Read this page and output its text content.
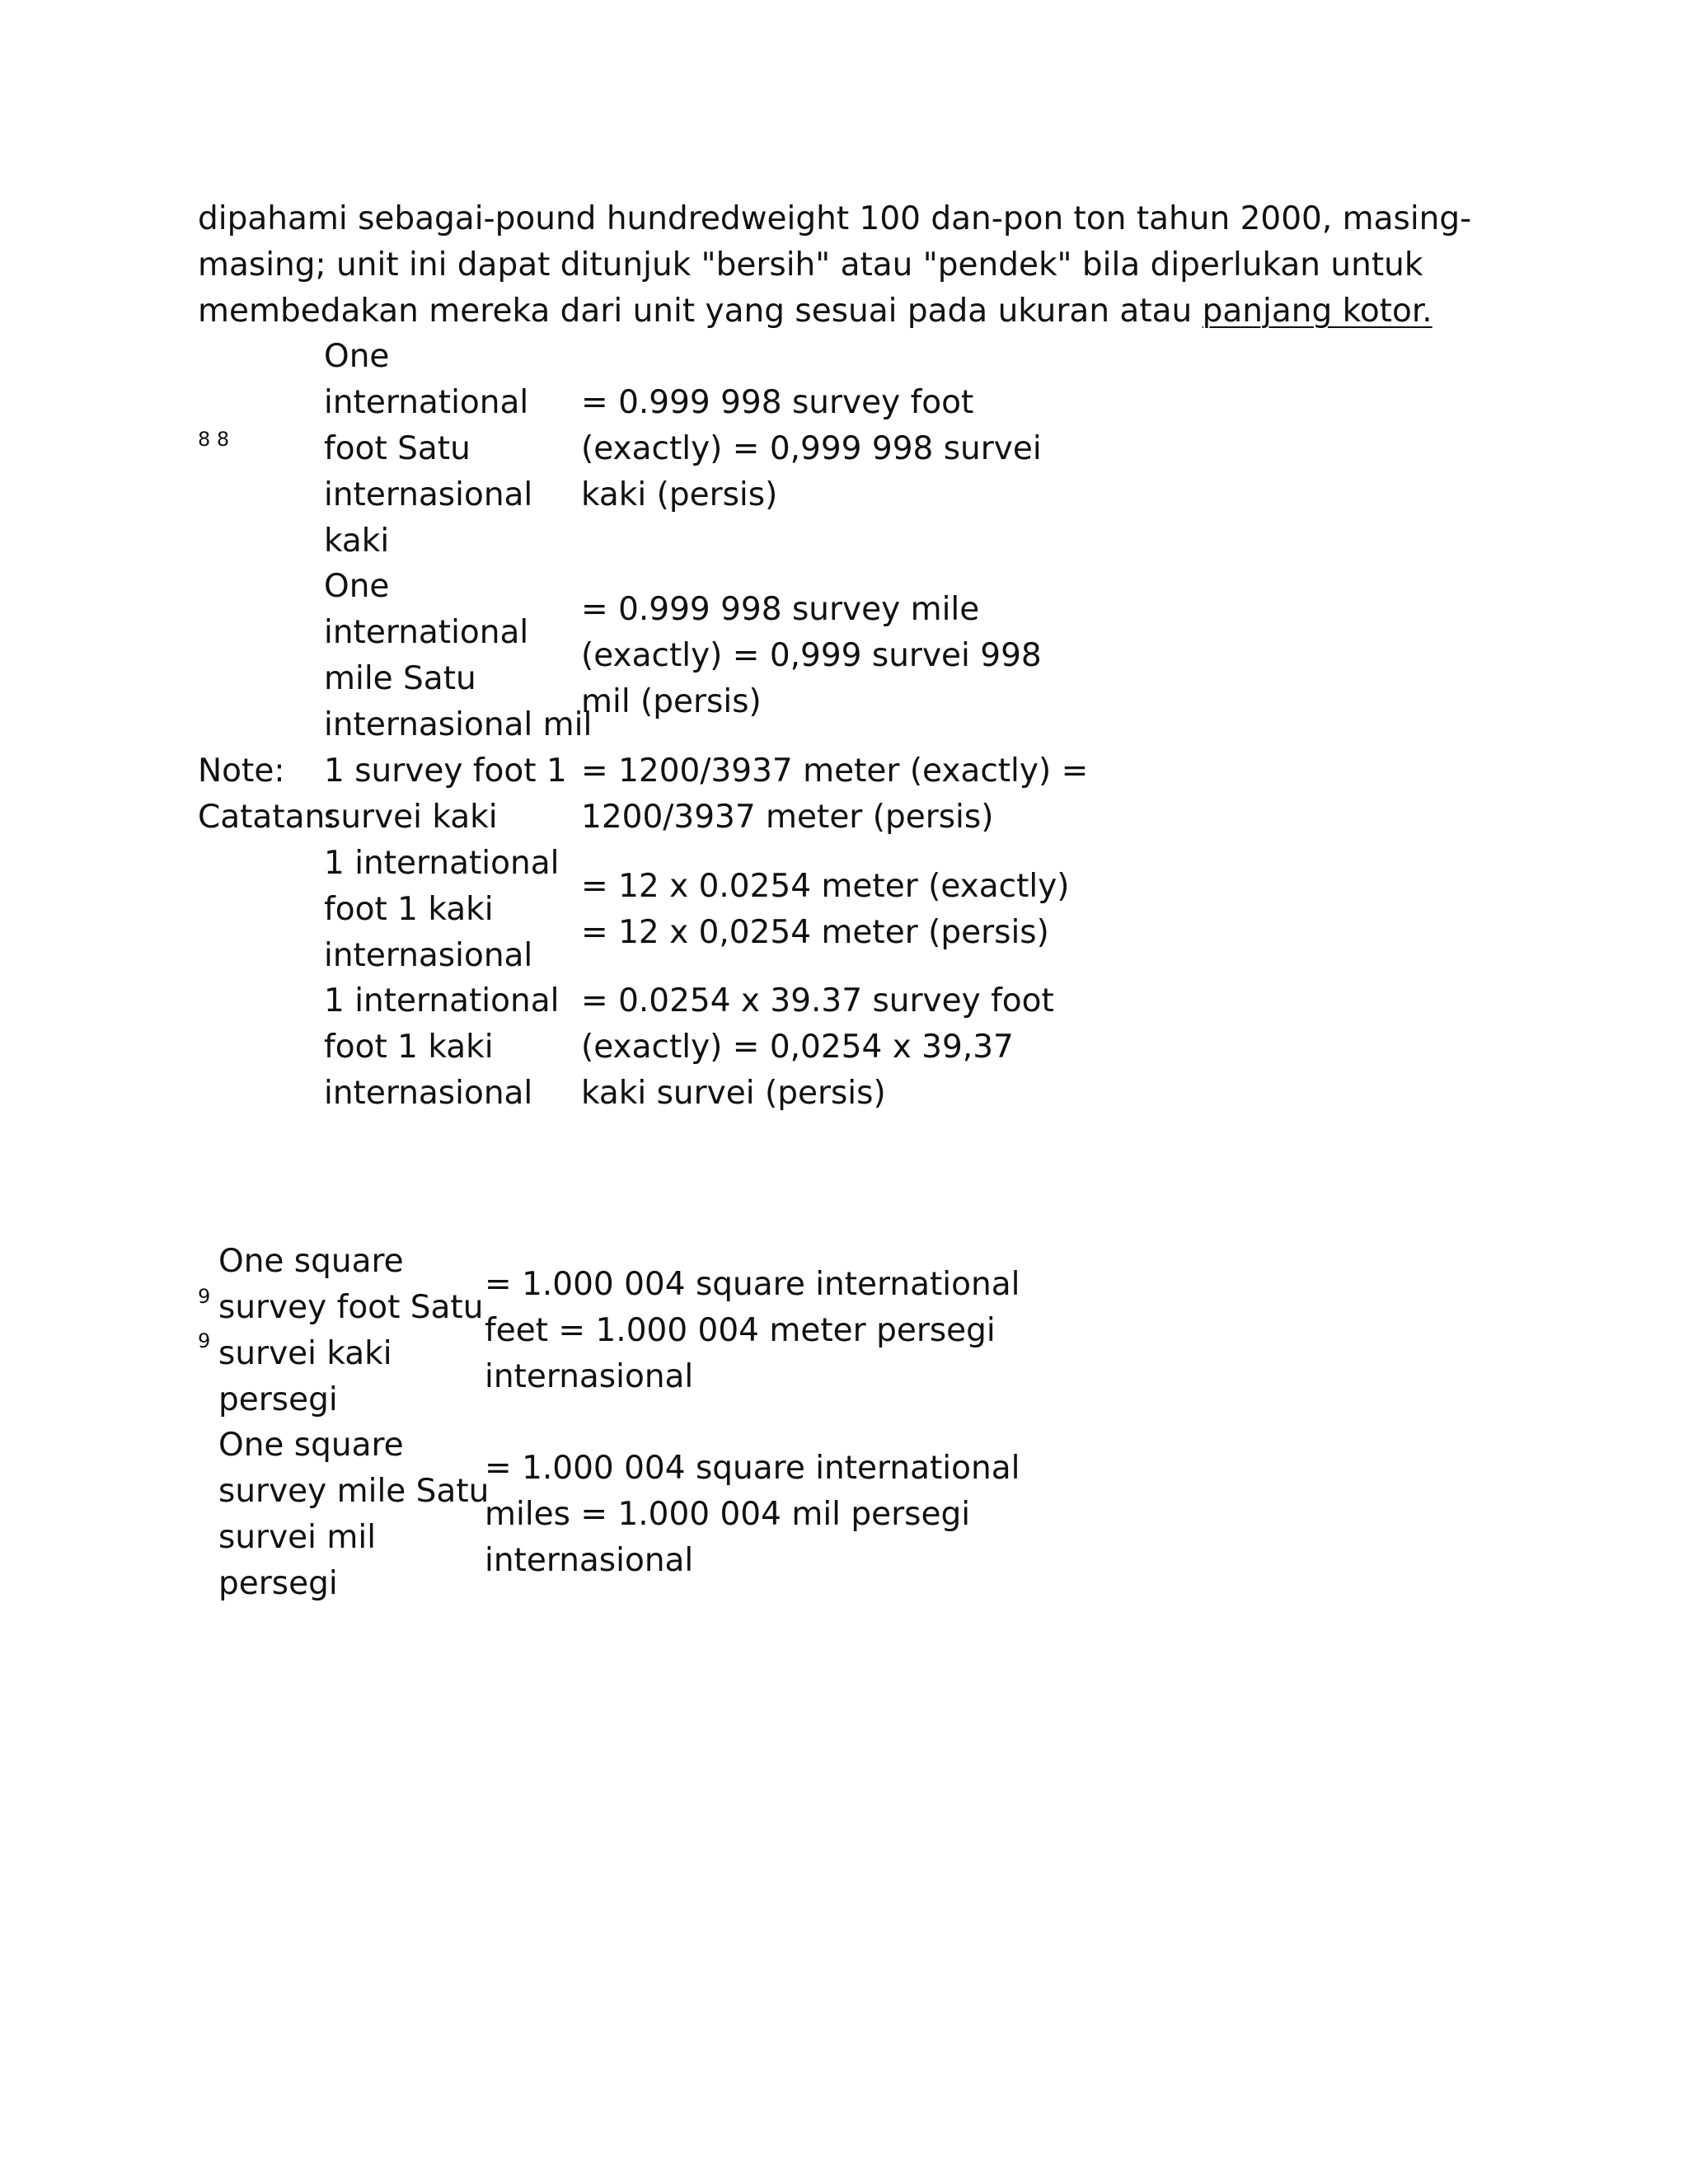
dipahami sebagai-pound hundredweight 100 dan-pon ton tahun 2000, masing-
masing; unit ini dapat ditunjuk "bersih" atau "pendek" bila diperlukan untuk
membedakan mereka dari unit yang sesuai pada ukuran atau panjang kotor.

8 8
One
international
foot Satu
internasional
kaki
= 0.999 998 survey foot
(exactly) = 0,999 998 survei
kaki (persis)
One
international
mile Satu
internasional mil
= 0.999 998 survey mile
(exactly) = 0,999 survei 998
mil (persis)
Note:
Catatan:
1 survey foot 1
survei kaki
= 1200/3937 meter (exactly) =
1200/3937 meter (persis)
1 international
foot 1 kaki
internasional
= 12 x 0.0254 meter (exactly)
= 12 x 0,0254 meter (persis)
1 international
foot 1 kaki
internasional
= 0.0254 x 39.37 survey foot
(exactly) = 0,0254 x 39,37
kaki survei (persis)
9
9
One square
survey foot Satu
survei kaki
persegi
= 1.000 004 square international
feet = 1.000 004 meter persegi
internasional
One square
survey mile Satu
survei mil
persegi
= 1.000 004 square international
miles = 1.000 004 mil persegi
internasional
